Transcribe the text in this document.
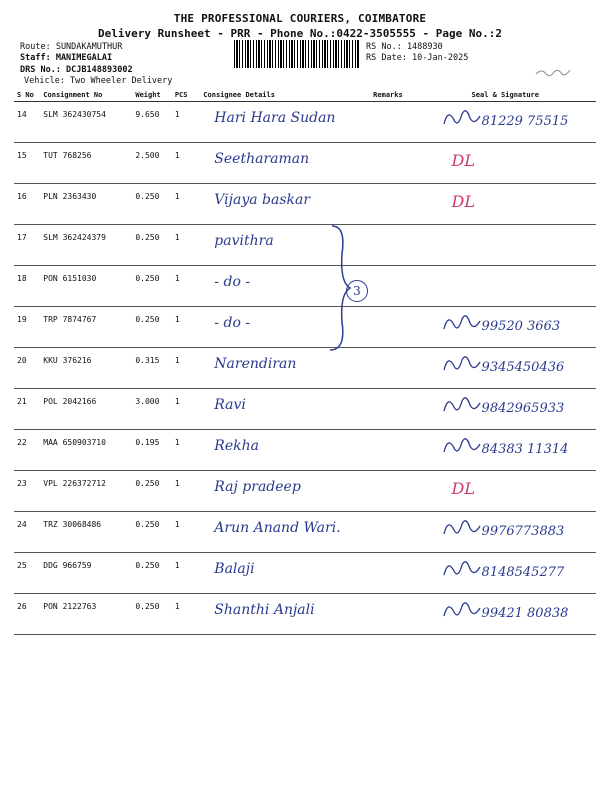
THE PROFESSIONAL COURIERS, COIMBATORE
Delivery Runsheet - PRR - Phone No.:0422-3505555 - Page No.:2
Route: SUNDAKAMUTHUR
Staff: MANIMEGALAI
DRS No.: DCJB148893002
Vehicle: Two Wheeler Delivery
RS No.: 1488930
RS Date: 10-Jan-2025
S No	Consignment No	Weight	PCS	Consignee Details	Remarks	Seal & Signature
14	SLM 362430754	9.650	1	Hari Hara Sudan		81229 75515

15	TUT 768256	2.500	1	Seetharaman		DL

16	PLN 2363430	0.250	1	Vijaya baskar		DL

17	SLM 362424379	0.250	1	pavithra		

18	PON 6151030	0.250	1	- do -		

19	TRP 7874767	0.250	1	- do -		99520 3663

20	KKU 376216	0.315	1	Narendiran		9345450436

21	POL 2042166	3.000	1	Ravi		9842965933

22	MAA 650903710	0.195	1	Rekha		84383 11314

23	VPL 226372712	0.250	1	Raj pradeep		DL

24	TRZ 30068486	0.250	1	Arun Anand Wari.		9976773883

25	DDG 966759	0.250	1	Balaji		8148545277

26	PON 2122763	0.250	1	Shanthi Anjali		99421 80838
3
